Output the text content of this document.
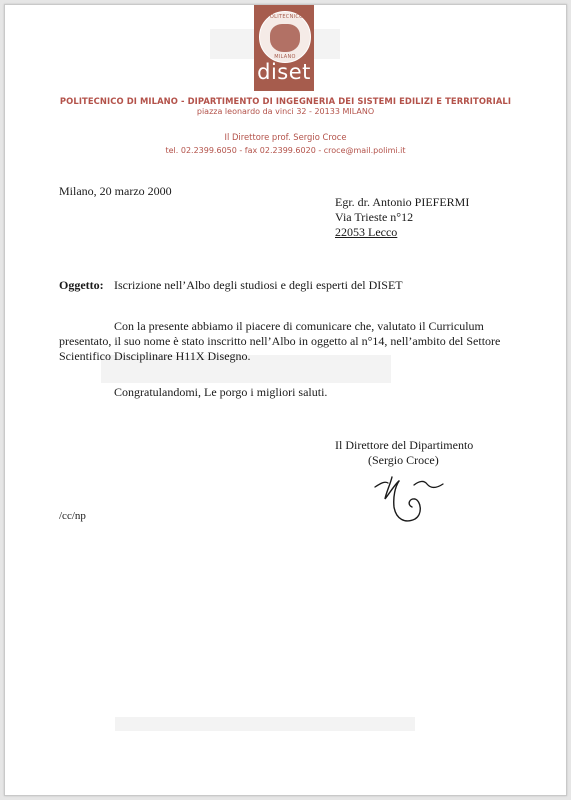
POLITECNICO
MILANO
diset
POLITECNICO DI MILANO - DIPARTIMENTO DI INGEGNERIA DEI SISTEMI EDILIZI E TERRITORIALI
piazza leonardo da vinci 32 - 20133 MILANO
Il Direttore prof. Sergio Croce
tel. 02.2399.6050 - fax 02.2399.6020 - croce@mail.polimi.it
Milano, 20 marzo 2000
Egr. dr. Antonio PIEFERMI
Via Trieste n°12
22053 Lecco
Oggetto: Iscrizione nell’Albo degli studiosi e degli esperti del DISET
Con la presente abbiamo il piacere di comunicare che, valutato il Curriculum
presentato, il suo nome è stato inscritto nell’Albo in oggetto al n°14, nell’ambito del Settore
Scientifico Disciplinare H11X Disegno.
Congratulandomi, Le porgo i migliori saluti.
Il Direttore del Dipartimento
(Sergio Croce)
/cc/np
